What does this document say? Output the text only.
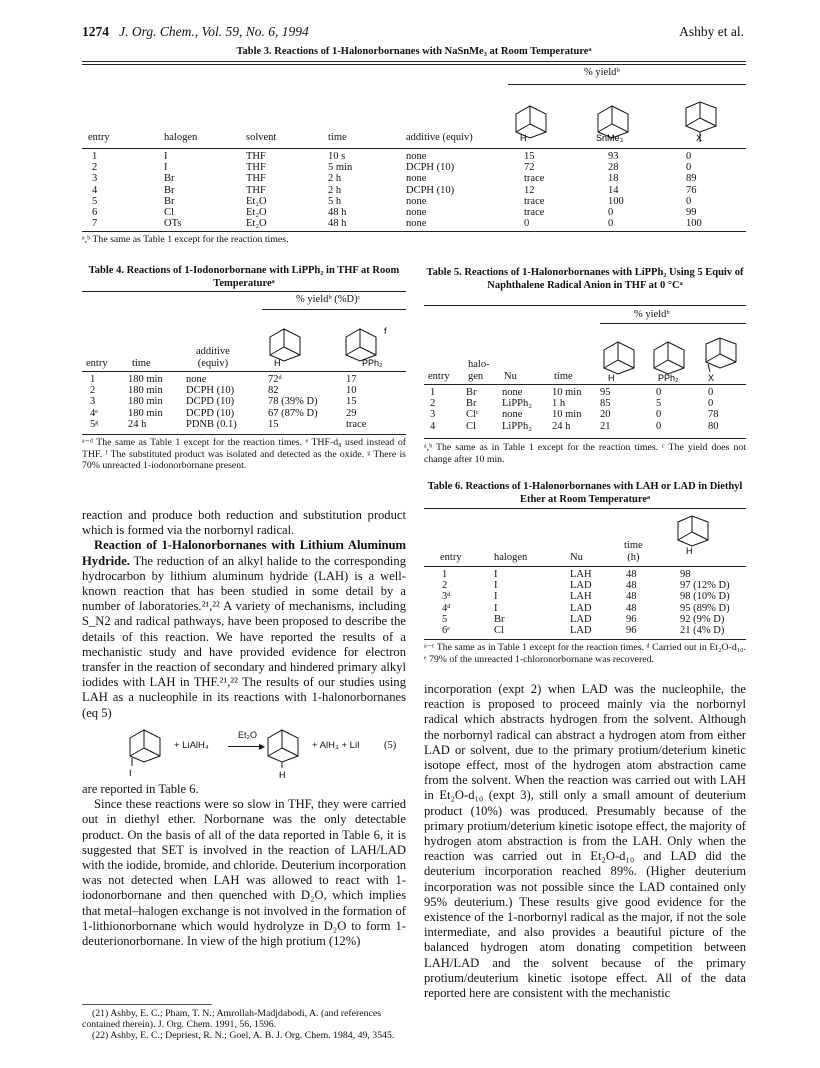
1274 J. Org. Chem., Vol. 59, No. 6, 1994	Ashby et al.
Table 3. Reactions of 1-Halonorbornanes with NaSnMe₃ at Room Temperatureᵃ
% yieldᵇ
H	SnMe₃	X
entry	halogen	solvent	time	additive (equiv)			
1	I	THF	10 s	none	15	93	0
2	I	THF	5 min	DCPH (10)	72	28	0
3	Br	THF	2 h	none	trace	18	89
4	Br	THF	2 h	DCPH (10)	12	14	76
5	Br	Et₂O	5 h	none	trace	100	0
6	Cl	Et₂O	48 h	none	trace	0	99
7	OTs	Et₂O	48 h	none	0	0	100
ᵃ,ᵇ The same as Table 1 except for the reaction times.
Table 4. Reactions of 1-Iodonorbornane with LiPPh₂ in THF at Room Temperatureᵃ
% yieldᵇ (%D)ᶜ
H
f
PPh₂
additive
(equiv)
entry time
1	180 min	none	72ᵈ	17
2	180 min	DCPH (10)	82	10
3	180 min	DCPD (10)	78 (39% D)	15
4ᵉ	180 min	DCPD (10)	67 (87% D)	29
5ᵍ	24 h	PDNB (0.1)	15	trace
ᵃ⁻ᵈ The same as Table 1 except for the reaction times. ᵉ THF-d₈ used instead of THF. ᶠ The substituted product was isolated and detected as the oxide. ᵍ There is 70% unreacted 1-iodonorbornane present.
Table 5. Reactions of 1-Halonorbornanes with LiPPh₂ Using 5 Equiv of Naphthalene Radical Anion in THF at 0 °Cᵃ
% yieldᵇ
H	PPh₂	X
halo-
gen
entry	Nu	time
1	Br	none	10 min	95	0	0
2	Br	LiPPh₂	1 h	85	5	0
3	Clᶜ	none	10 min	20	0	78
4	Cl	LiPPh₂	24 h	21	0	80
ᵃ,ᵇ The same as in Table 1 except for the reaction times. ᶜ The yield does not change after 10 min.
Table 6. Reactions of 1-Halonorbornanes with LAH or LAD in Diethyl Ether at Room Temperatureᵃ
H
time
(h)
entry	halogen	Nu
1	I	LAH	48	98
2	I	LAD	48	97 (12% D)
3ᵈ	I	LAH	48	98 (10% D)
4ᵈ	I	LAD	48	95 (89% D)
5	Br	LAD	96	92 (9% D)
6ᵉ	Cl	LAD	96	21 (4% D)
ᵃ⁻ᶜ The same as in Table 1 except for the reaction times. ᵈ Carried out in Et₂O-d₁₀. ᵉ 79% of the unreacted 1-chloronorbornane was recovered.

reaction and produce both reduction and substitution product which is formed via the norbornyl radical.

Reaction of 1-Halonorbornanes with Lithium Aluminum Hydride. The reduction of an alkyl halide to the corresponding hydrocarbon by lithium aluminum hydride (LAH) is a well-known reaction that has been studied in some detail by a number of laboratories.²¹,²² A variety of mechanisms, including S_N2 and radical pathways, have been proposed to describe the details of this reaction. We have reported the results of a mechanistic study and have provided evidence for electron transfer in the reaction of secondary and hindered primary alkyl iodides with LAH in THF.²¹,²² The results of our studies using LAH as a nucleophile in its reactions with 1-halonorbornanes (eq 5)

I
+ LiAlH₄
Et₂O
▶
H
+ AlH₃ + LiI (5)

are reported in Table 6.

Since these reactions were so slow in THF, they were carried out in diethyl ether. Norbornane was the only detectable product. On the basis of all of the data reported in Table 6, it is suggested that SET is involved in the reaction of LAH/LAD with the iodide, bromide, and chloride. Deuterium incorporation was not detected when LAH was allowed to react with 1-iodonorbornane and then quenched with D₂O, which implies that metal–halogen exchange is not involved in the formation of 1-lithionorbornane which would hydrolyze in D₂O to form 1-deuterionorbornane. In view of the high protium (12%)

(21) Ashby, E. C.; Pham, T. N.; Amrollah-Madjdabodi, A. (and references contained therein). J. Org. Chem. 1991, 56, 1596.

(22) Ashby, E. C.; Depriest, R. N.; Goel, A. B. J. Org. Chem. 1984, 49, 3545.

incorporation (expt 2) when LAD was the nucleophile, the reaction is proposed to proceed mainly via the norbornyl radical which abstracts hydrogen from the solvent. Although the norbornyl radical can abstract a hydrogen atom from either LAD or solvent, due to the primary protium/deterium kinetic isotope effect, most of the hydrogen atom abstraction came from the solvent. When the reaction was carried out with LAH in Et₂O-d₁₀ (expt 3), still only a small amount of deuterium product (10%) was produced. Presumably because of the primary protium/deterium kinetic isotope effect, the majority of hydrogen atom abstraction is from the LAH. Only when the reaction was carried out in Et₂O-d₁₀ and LAD did the deuterium incorporation reached 89%. (Higher deuterium incorporation was not possible since the LAD contained only 95% deuterium.) These results give good evidence for the existence of the 1-norbornyl radical as the major, if not the sole intermediate, and also provides a beautiful picture of the balanced hydrogen atom donating competition between LAH/LAD and the solvent because of the primary protium/deuterium kinetic isotope effect. All of the data reported here are consistent with the mechanistic
